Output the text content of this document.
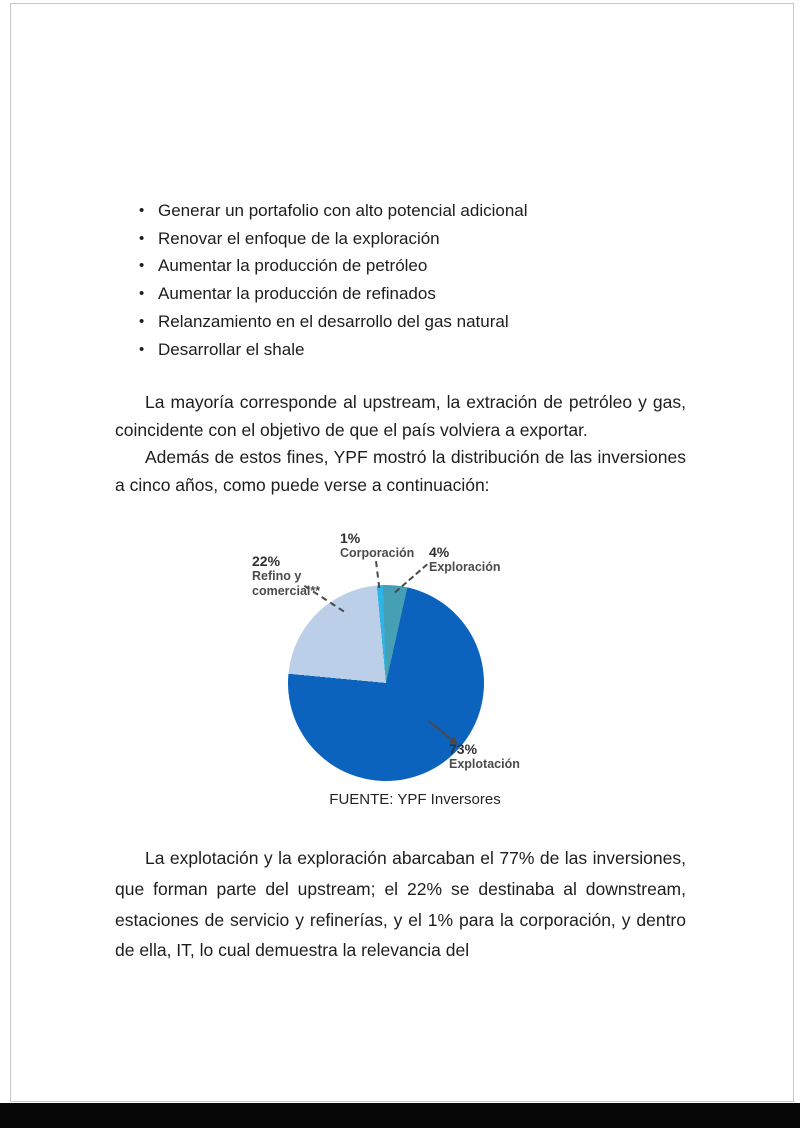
• Generar un portafolio con alto potencial adicional
• Renovar el enfoque de la exploración
• Aumentar la producción de petróleo
• Aumentar la producción de refinados
• Relanzamiento en el desarrollo del gas natural
• Desarrollar el shale

La mayoría corresponde al upstream, la extración de petróleo y gas, coincidente con el objetivo de que el país volviera a exportar.

Además de estos fines, YPF mostró la distribución de las inversiones a cinco años, como puede verse a continuación:

1%
Corporación 4%
Exploración
22%
Refino y
comercial**
73%
Explotación
FUENTE: YPF Inversores

La explotación y la exploración abarcaban el 77% de las inversiones, que forman parte del upstream; el 22% se destinaba al downstream, estaciones de servicio y refinerías, y el 1% para la corporación, y dentro de ella, IT, lo cual demuestra la relevancia del
